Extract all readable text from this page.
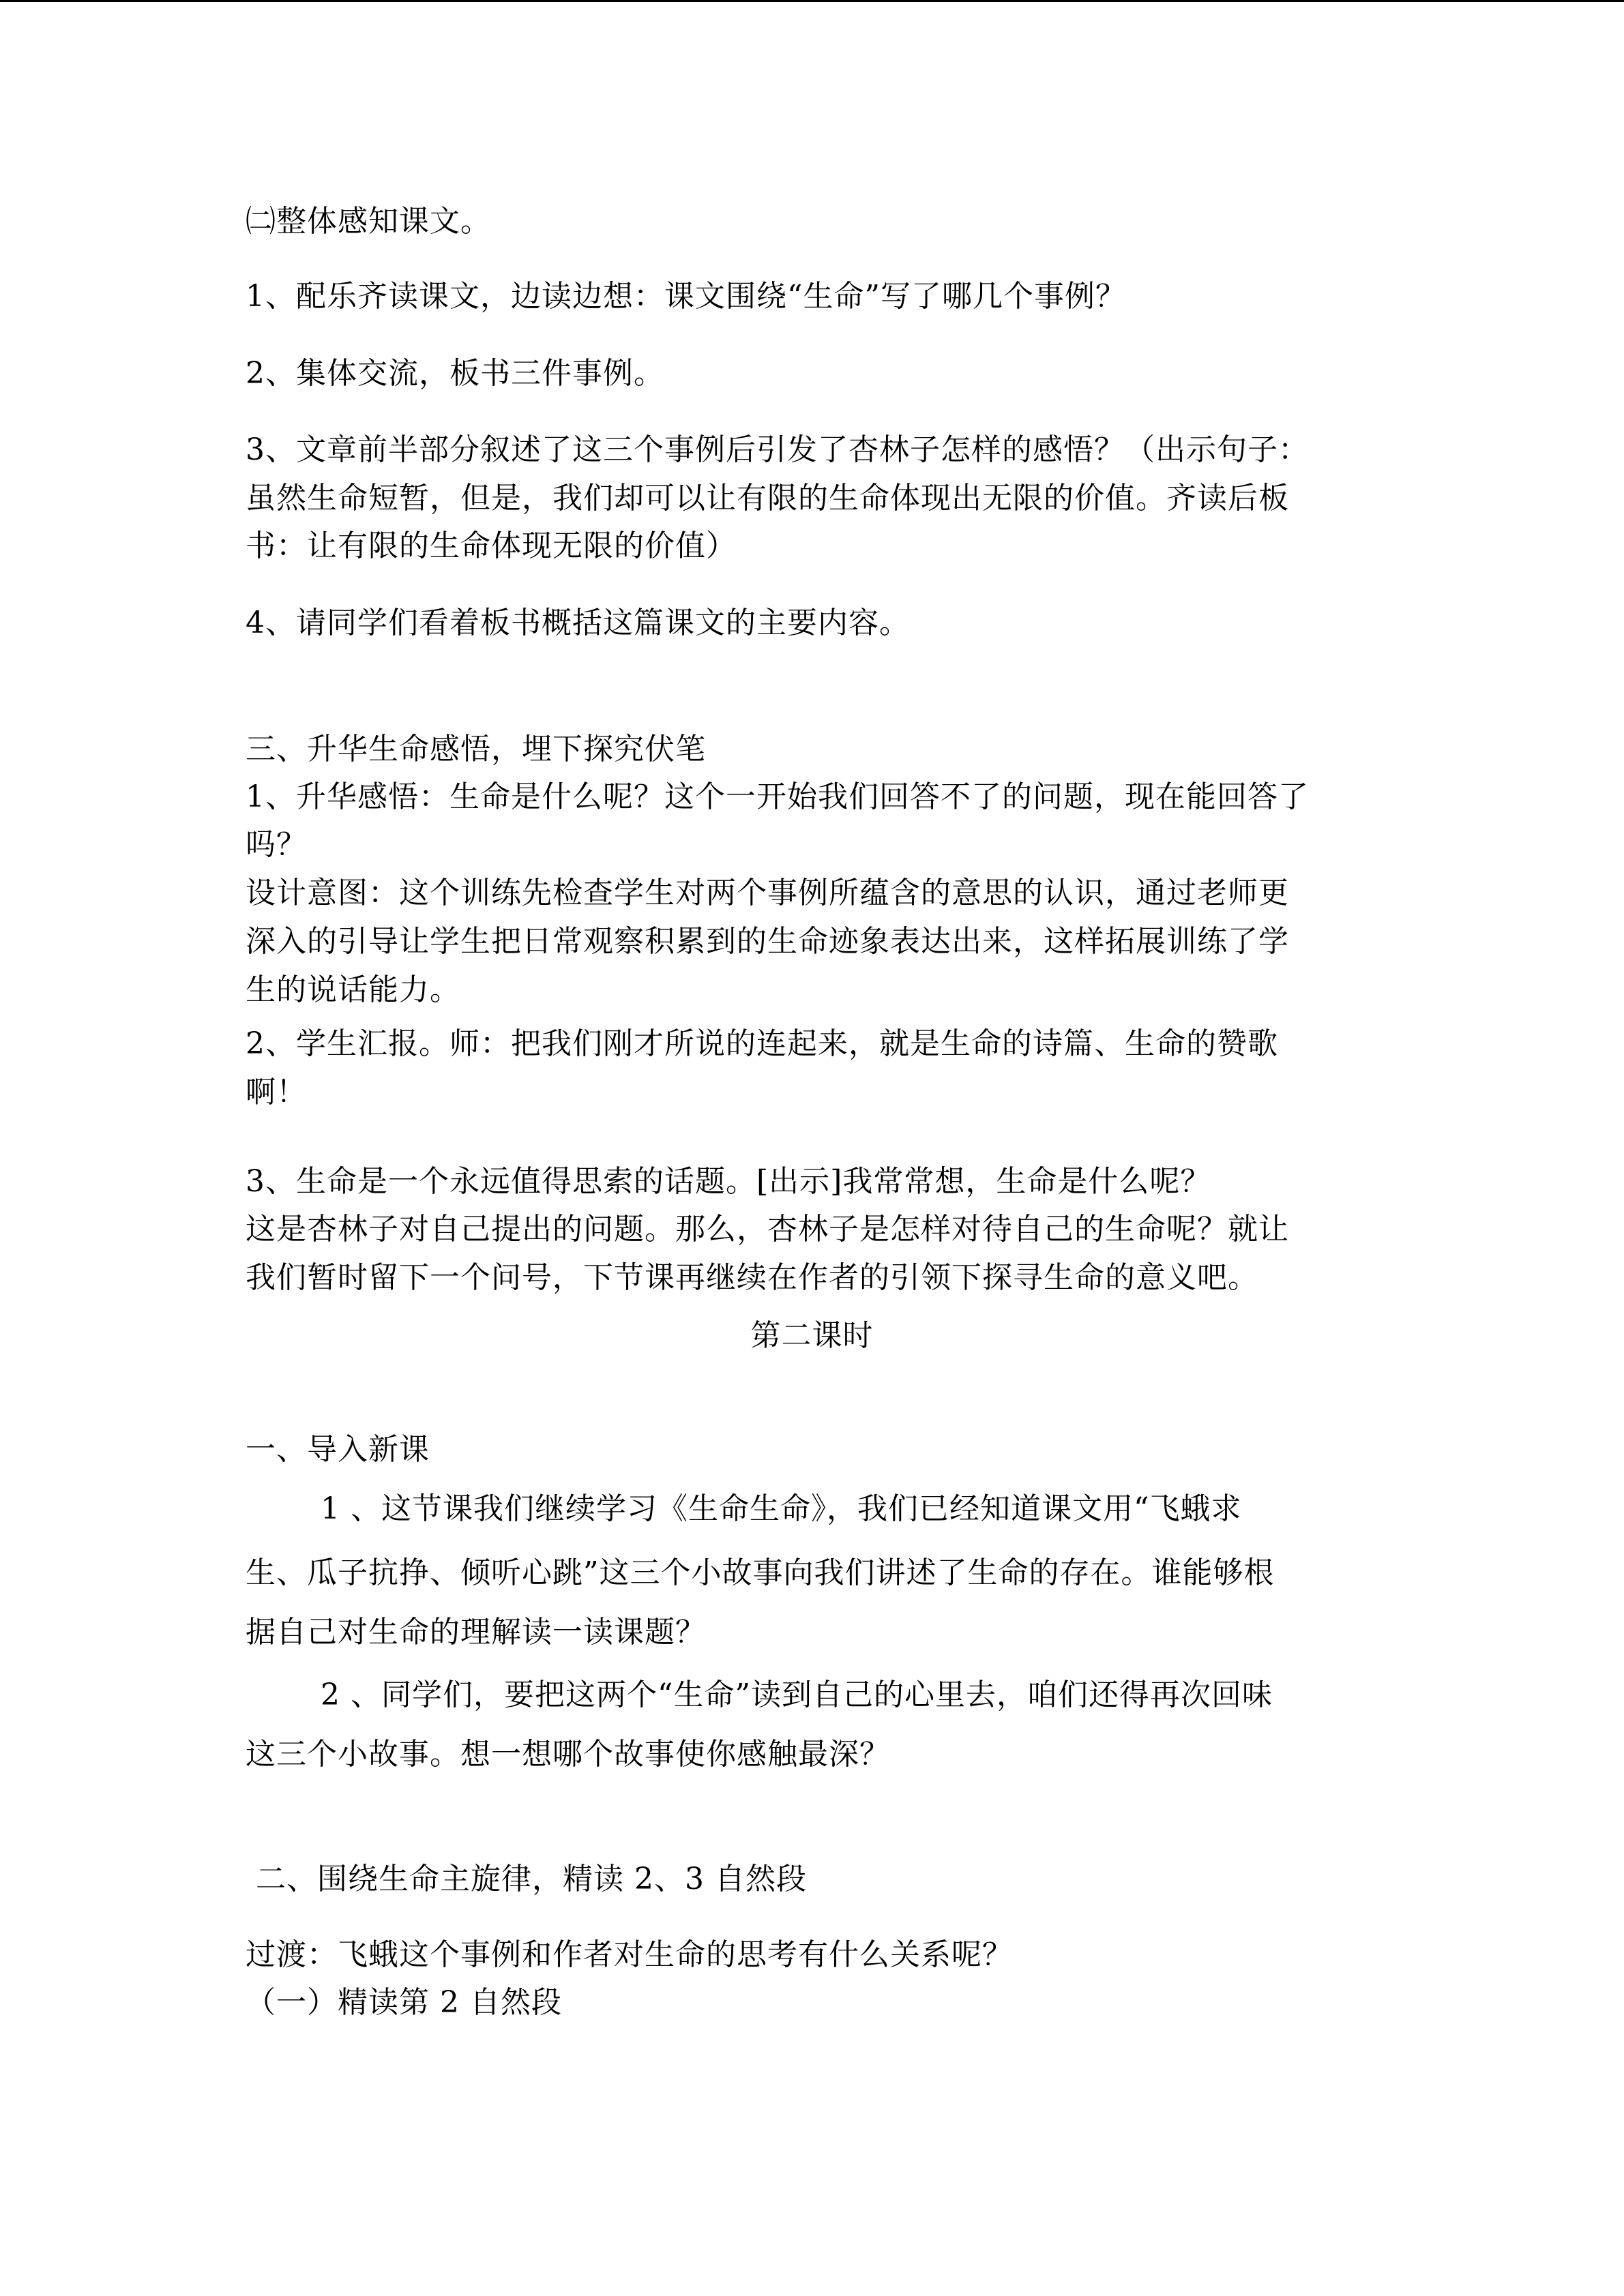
㈡整体感知课文。
1、配乐齐读课文，边读边想：课文围绕“生命”写了哪几个事例？
2、集体交流，板书三件事例。
3、文章前半部分叙述了这三个事例后引发了杏林子怎样的感悟？（出示句子：
虽然生命短暂，但是，我们却可以让有限的生命体现出无限的价值。齐读后板
书：让有限的生命体现无限的价值）
4、请同学们看着板书概括这篇课文的主要内容。
三、升华生命感悟，埋下探究伏笔
1、升华感悟：生命是什么呢？这个一开始我们回答不了的问题，现在能回答了
吗？
设计意图：这个训练先检查学生对两个事例所蕴含的意思的认识，通过老师更
深入的引导让学生把日常观察积累到的生命迹象表达出来，这样拓展训练了学
生的说话能力。
2、学生汇报。师：把我们刚才所说的连起来，就是生命的诗篇、生命的赞歌
啊！
3、生命是一个永远值得思索的话题。[出示]我常常想，生命是什么呢？
这是杏林子对自己提出的问题。那么，杏林子是怎样对待自己的生命呢？就让
我们暂时留下一个问号，下节课再继续在作者的引领下探寻生命的意义吧。
第二课时
一、导入新课
1 、这节课我们继续学习《生命生命》，我们已经知道课文用“飞蛾求
生、瓜子抗挣、倾听心跳”这三个小故事向我们讲述了生命的存在。谁能够根
据自己对生命的理解读一读课题？
2 、同学们，要把这两个“生命”读到自己的心里去，咱们还得再次回味
这三个小故事。想一想哪个故事使你感触最深？
二、围绕生命主旋律，精读 2、3 自然段
过渡：飞蛾这个事例和作者对生命的思考有什么关系呢？
（一）精读第 2 自然段
